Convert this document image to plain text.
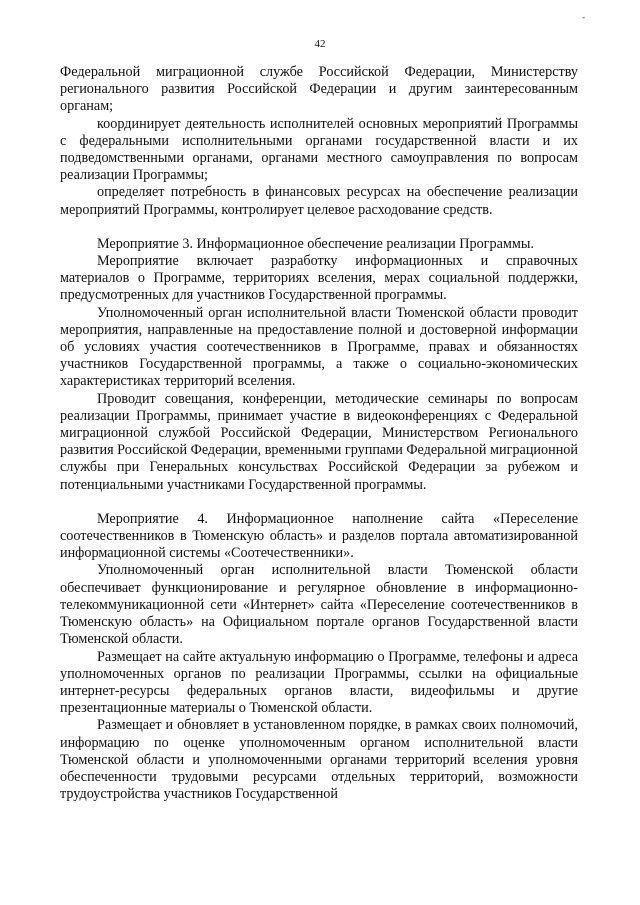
-
42

Федеральной миграционной службе Российской Федерации, Министерству регионального развития Российской Федерации и другим заинтересованным органам;

координирует деятельность исполнителей основных мероприятий Программы с федеральными исполнительными органами государственной власти и их подведомственными органами, органами местного самоуправления по вопросам реализации Программы;

определяет потребность в финансовых ресурсах на обеспечение реализации мероприятий Программы, контролирует целевое расходование средств.

Мероприятие 3. Информационное обеспечение реализации Программы.

Мероприятие включает разработку информационных и справочных материалов о Программе, территориях вселения, мерах социальной поддержки, предусмотренных для участников Государственной программы.

Уполномоченный орган исполнительной власти Тюменской области проводит мероприятия, направленные на предоставление полной и достоверной информации об условиях участия соотечественников в Программе, правах и обязанностях участников Государственной программы, а также о социально-экономических характеристиках территорий вселения.

Проводит совещания, конференции, методические семинары по вопросам реализации Программы, принимает участие в видеоконференциях с Федеральной миграционной службой Российской Федерации, Министерством Регионального развития Российской Федерации, временными группами Федеральной миграционной службы при Генеральных консульствах Российской Федерации за рубежом и потенциальными участниками Государственной программы.

Мероприятие 4. Информационное наполнение сайта «Переселение соотечественников в Тюменскую область» и разделов портала автоматизированной информационной системы «Соотечественники».

Уполномоченный орган исполнительной власти Тюменской области обеспечивает функционирование и регулярное обновление в информационно-телекоммуникационной сети «Интернет» сайта «Переселение соотечественников в Тюменскую область» на Официальном портале органов Государственной власти Тюменской области.

Размещает на сайте актуальную информацию о Программе, телефоны и адреса уполномоченных органов по реализации Программы, ссылки на официальные интернет-ресурсы федеральных органов власти, видеофильмы и другие презентационные материалы о Тюменской области.

Размещает и обновляет в установленном порядке, в рамках своих полномочий, информацию по оценке уполномоченным органом исполнительной власти Тюменской области и уполномоченными органами территорий вселения уровня обеспеченности трудовыми ресурсами отдельных территорий, возможности трудоустройства участников Государственной
